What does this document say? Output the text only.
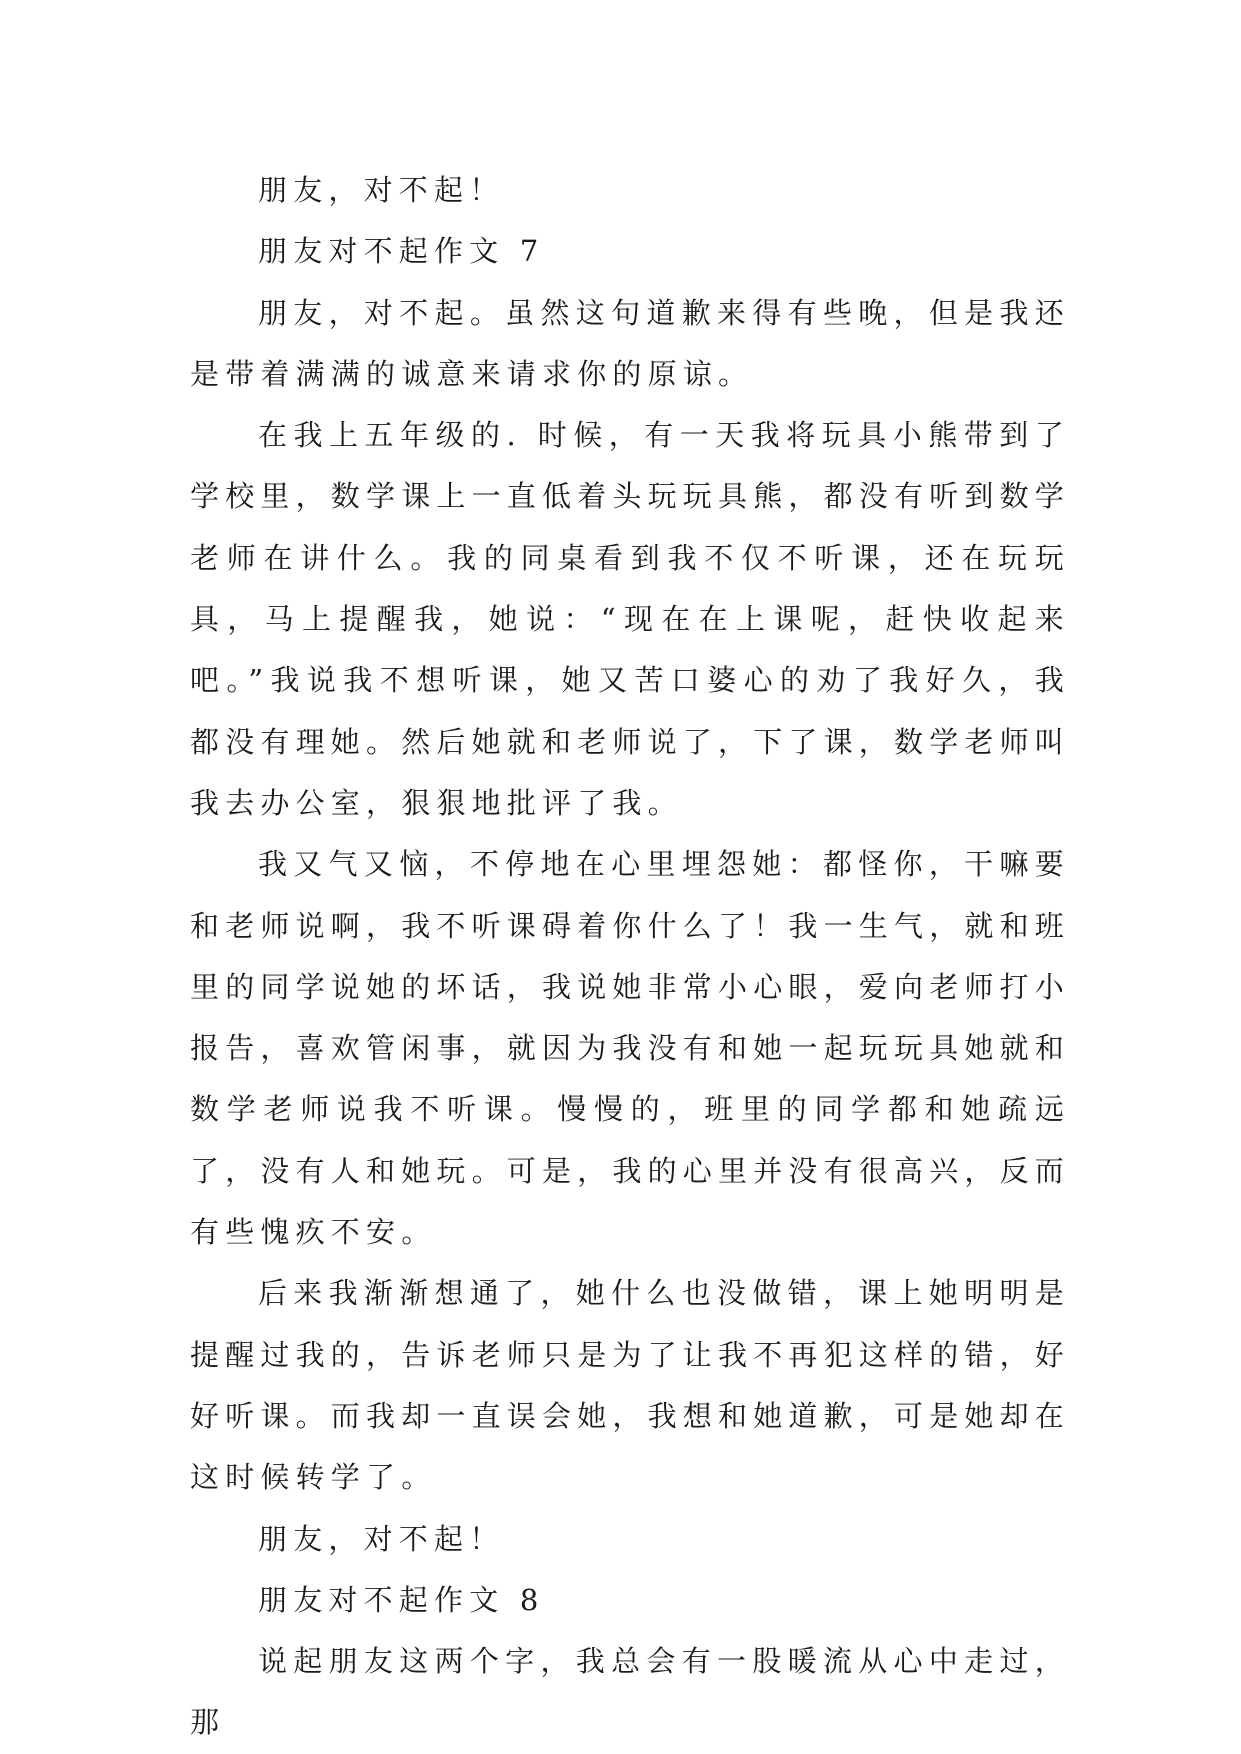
朋友，对不起！

朋友对不起作文 7

朋友，对不起。虽然这句道歉来得有些晚，但是我还是带着满满的诚意来请求你的原谅。

在我上五年级的. 时候，有一天我将玩具小熊带到了学校里，数学课上一直低着头玩玩具熊，都没有听到数学老师在讲什么。我的同桌看到我不仅不听课，还在玩玩具，马上提醒我，她说：“现在在上课呢，赶快收起来吧。”我说我不想听课，她又苦口婆心的劝了我好久，我都没有理她。然后她就和老师说了，下了课，数学老师叫我去办公室，狠狠地批评了我。

我又气又恼，不停地在心里埋怨她：都怪你，干嘛要和老师说啊，我不听课碍着你什么了！我一生气，就和班里的同学说她的坏话，我说她非常小心眼，爱向老师打小报告，喜欢管闲事，就因为我没有和她一起玩玩具她就和数学老师说我不听课。慢慢的，班里的同学都和她疏远了，没有人和她玩。可是，我的心里并没有很高兴，反而有些愧疚不安。

后来我渐渐想通了，她什么也没做错，课上她明明是提醒过我的，告诉老师只是为了让我不再犯这样的错，好好听课。而我却一直误会她，我想和她道歉，可是她却在这时候转学了。

朋友，对不起！

朋友对不起作文 8

说起朋友这两个字，我总会有一股暖流从心中走过，那
